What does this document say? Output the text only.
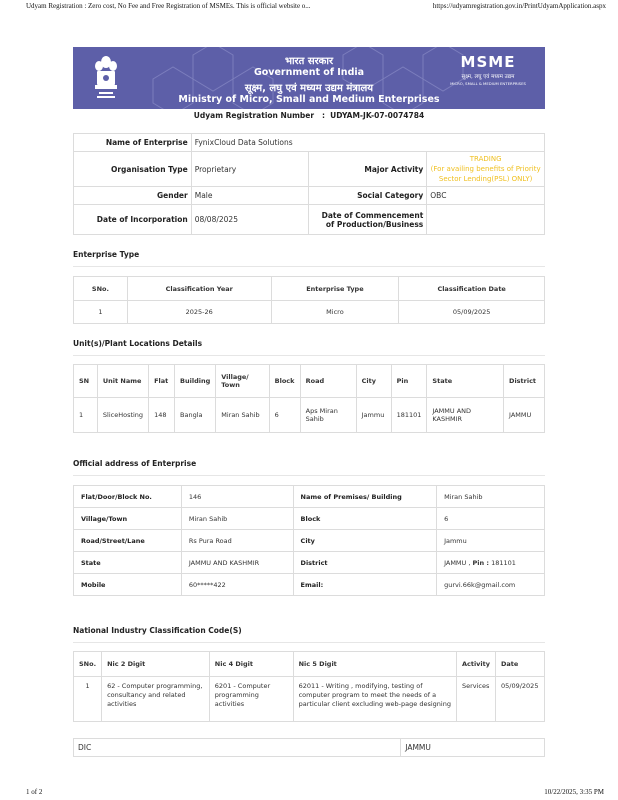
Udyam Registration : Zero cost, No Fee and Free Registration of MSMEs. This is official website o...	https://udyamregistration.gov.in/PrintUdyamApplication.aspx
भारत सरकार
Government of India
सूक्ष्म, लघु एवं मध्यम उद्यम मंत्रालय
Ministry of Micro, Small and Medium Enterprises
MSME
सूक्ष्म, लघु एवं मध्यम उद्यम
MICRO, SMALL & MEDIUM ENTERPRISES
Udyam Registration Number : UDYAM-JK-07-0074784
Name of Enterprise	FynixCloud Data Solutions		
Organisation Type	Proprietary	Major Activity	TRADING
(For availing benefits of Priority Sector Lending(PSL) ONLY)

Gender	Male	Social Category	OBC
Date of Incorporation	08/08/2025	Date of Commencement of Production/Business	
Enterprise Type
SNo.	Classification Year	Enterprise Type	Classification Date
1	2025-26	Micro	05/09/2025
Unit(s)/Plant Locations Details
SN	Unit Name	Flat	Building	Village/ Town	Block	Road	City	Pin	State	District
1	SliceHosting	148	Bangla	Miran Sahib	6	Aps Miran Sahib	Jammu	181101	JAMMU AND KASHMIR	JAMMU
Official address of Enterprise
Flat/Door/Block No.	146	Name of Premises/ Building	Miran Sahib
Village/Town	Miran Sahib	Block	6
Road/Street/Lane	Rs Pura Road	City	Jammu
State	JAMMU AND KASHMIR	District	JAMMU , Pin : 181101
Mobile	60*****422	Email:	gurvi.66k@gmail.com
National Industry Classification Code(S)
SNo.	Nic 2 Digit	Nic 4 Digit	Nic 5 Digit	Activity	Date
1	62 - Computer programming, consultancy and related activities	6201 - Computer programming activities	62011 - Writing , modifying, testing of computer program to meet the needs of a particular client excluding web-page designing	Services	05/09/2025
DIC	JAMMU
1 of 2	10/22/2025, 3:35 PM
